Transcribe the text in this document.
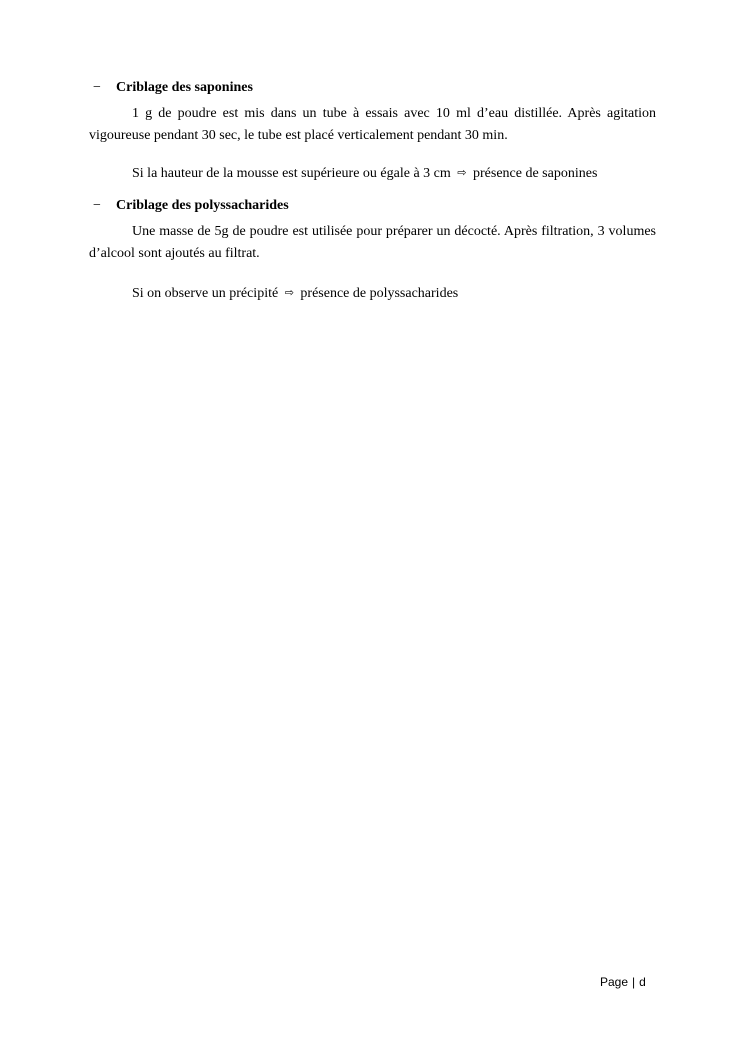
− Criblage des saponines
1 g de poudre est mis dans un tube à essais avec 10 ml d’eau distillée. Après agitation vigoureuse pendant 30 sec, le tube est placé verticalement pendant 30 min.
Si la hauteur de la mousse est supérieure ou égale à 3 cm ⇨ présence de saponines
− Criblage des polyssacharides
Une masse de 5g de poudre est utilisée pour préparer un décocté. Après filtration, 3 volumes d’alcool sont ajoutés au filtrat.
Si on observe un précipité ⇨ présence de polyssacharides
Page | d
